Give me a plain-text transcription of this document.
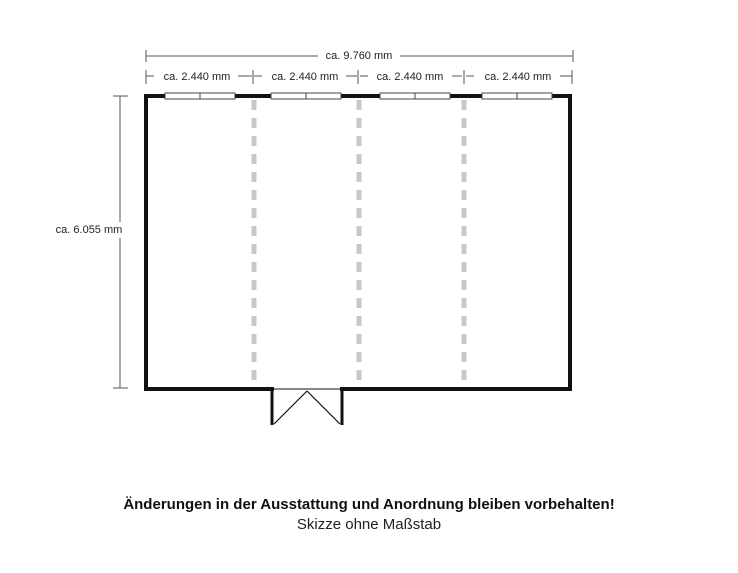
ca. 9.760 mm
ca. 2.440 mm	ca. 2.440 mm	ca. 2.440 mm	ca. 2.440 mm
ca. 6.055 mm
Änderungen in der Ausstattung und Anordnung bleiben vorbehalten!
Skizze ohne Maßstab
